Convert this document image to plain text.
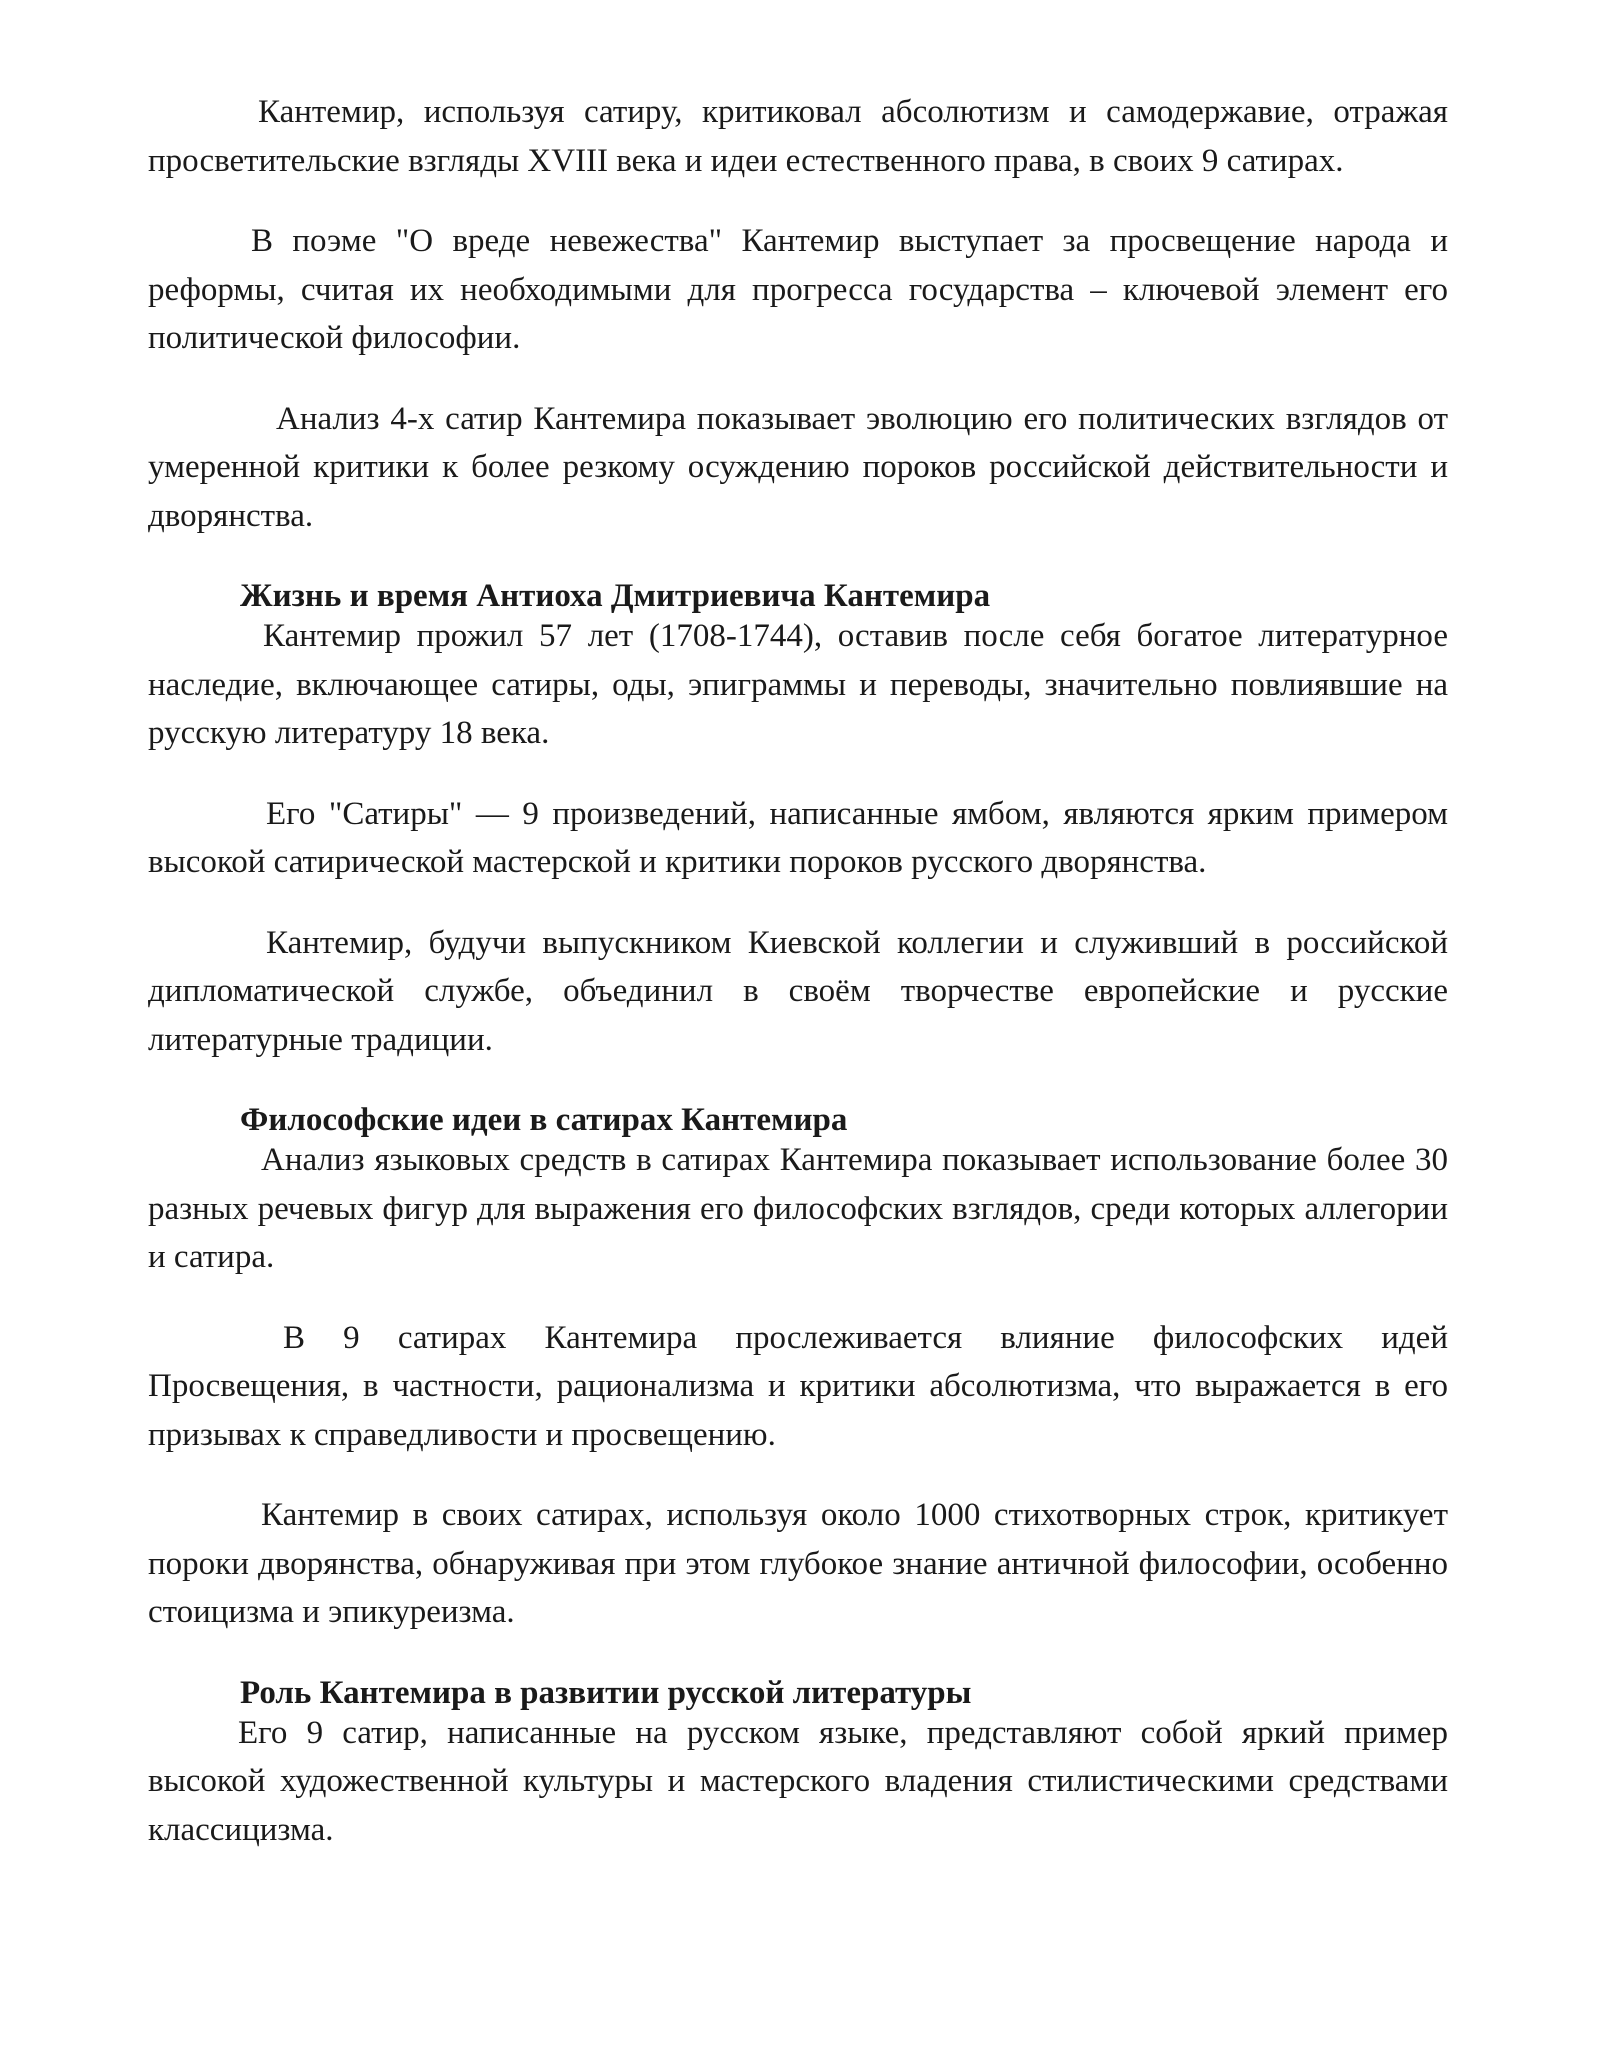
Кантемир, используя сатиру, критиковал абсолютизм и самодержавие, отражая просветительские взгляды XVIII века и идеи естественного права, в своих 9 сатирах.

В поэме "О вреде невежества" Кантемир выступает за просвещение народа и реформы, считая их необходимыми для прогресса государства – ключевой элемент его политической философии.

Анализ 4-х сатир Кантемира показывает эволюцию его политических взглядов от умеренной критики к более резкому осуждению пороков российской действительности и дворянства.

Жизнь и время Антиоха Дмитриевича Кантемира

Кантемир прожил 57 лет (1708-1744), оставив после себя богатое литературное наследие, включающее сатиры, оды, эпиграммы и переводы, значительно повлиявшие на русскую литературу 18 века.

Его "Сатиры" — 9 произведений, написанные ямбом, являются ярким примером высокой сатирической мастерской и критики пороков русского дворянства.

Кантемир, будучи выпускником Киевской коллегии и служивший в российской дипломатической службе, объединил в своём творчестве европейские и русские литературные традиции.

Философские идеи в сатирах Кантемира

Анализ языковых средств в сатирах Кантемира показывает использование более 30 разных речевых фигур для выражения его философских взглядов, среди которых аллегории и сатира.

В 9 сатирах Кантемира прослеживается влияние философских идей Просвещения, в частности, рационализма и критики абсолютизма, что выражается в его призывах к справедливости и просвещению.

Кантемир в своих сатирах, используя около 1000 стихотворных строк, критикует пороки дворянства, обнаруживая при этом глубокое знание античной философии, особенно стоицизма и эпикуреизма.

Роль Кантемира в развитии русской литературы

Его 9 сатир, написанные на русском языке, представляют собой яркий пример высокой художественной культуры и мастерского владения стилистическими средствами классицизма.
